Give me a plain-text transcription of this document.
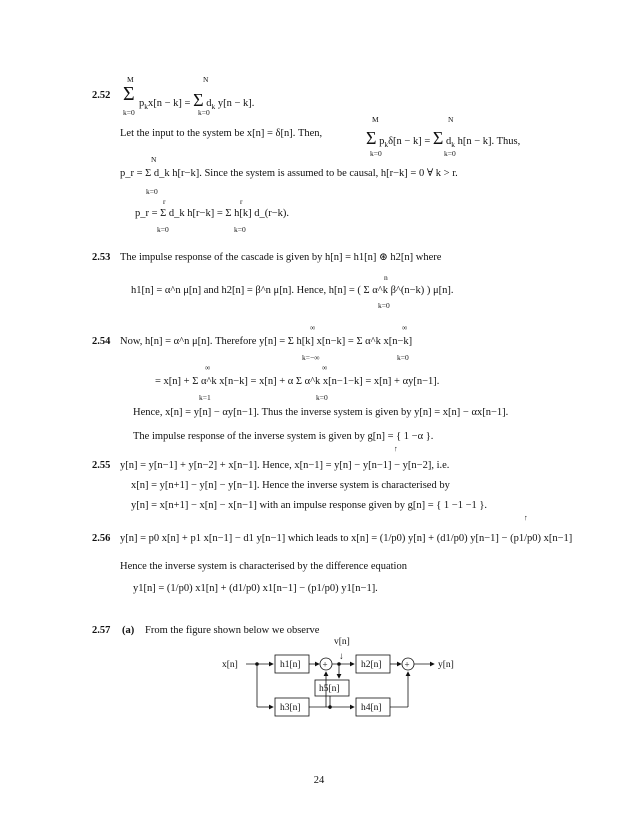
2.52
M
Σ
k=0
$p_kx[n - k] = \Sigma$ $d_k$ y[n − k].
N
k=0
Let the input to the system be x[n] = δ[n]. Then,
M	N
Σ $p_k\delta[n - k] = \Sigma$ $d_k$ h[n − k]. Thus,
k=0	k=0
N
p_r = Σ d_k h[r−k]. Since the system is assumed to be causal, h[r−k] = 0 ∀ k > r.
k=0
r	r
p_r = Σ d_k h[r−k] = Σ h[k] d_(r−k).
k=0	k=0
2.53 The impulse response of the cascade is given by h[n] = h1[n] ⊛ h2[n] where
n
h1[n] = α^n μ[n] and h2[n] = β^n μ[n]. Hence, h[n] = ( Σ α^k β^(n−k) ) μ[n].
k=0
∞	∞
2.54 Now, h[n] = α^n μ[n]. Therefore y[n] = Σ h[k] x[n−k] = Σ α^k x[n−k]
k=−∞	k=0
∞	∞
= x[n] + Σ α^k x[n−k] = x[n] + α Σ α^k x[n−1−k] = x[n] + αy[n−1].
k=1	k=0
Hence, x[n] = y[n] − αy[n−1]. Thus the inverse system is given by y[n] = x[n] − αx[n−1].
The impulse response of the inverse system is given by g[n] = { 1 −α }.
↑
2.55 y[n] = y[n−1] + y[n−2] + x[n−1]. Hence, x[n−1] = y[n] − y[n−1] − y[n−2], i.e.
x[n] = y[n+1] − y[n] − y[n−1]. Hence the inverse system is characterised by
y[n] = x[n+1] − x[n] − x[n−1] with an impulse response given by g[n] = { 1 −1 −1 }.
↑
2.56 y[n] = p0 x[n] + p1 x[n−1] − d1 y[n−1] which leads to x[n] = (1/p0) y[n] + (d1/p0) y[n−1] − (p1/p0) x[n−1]
Hence the inverse system is characterised by the difference equation
y1[n] = (1/p0) x1[n] + (d1/p0) x1[n−1] − (p1/p0) y1[n−1].
2.57 (a) From the figure shown below we observe
x[n]	h1[n] +
v[n]
↓
h2[n]	+	y[n]
h5[n]
h3[n]	h4[n]
24
